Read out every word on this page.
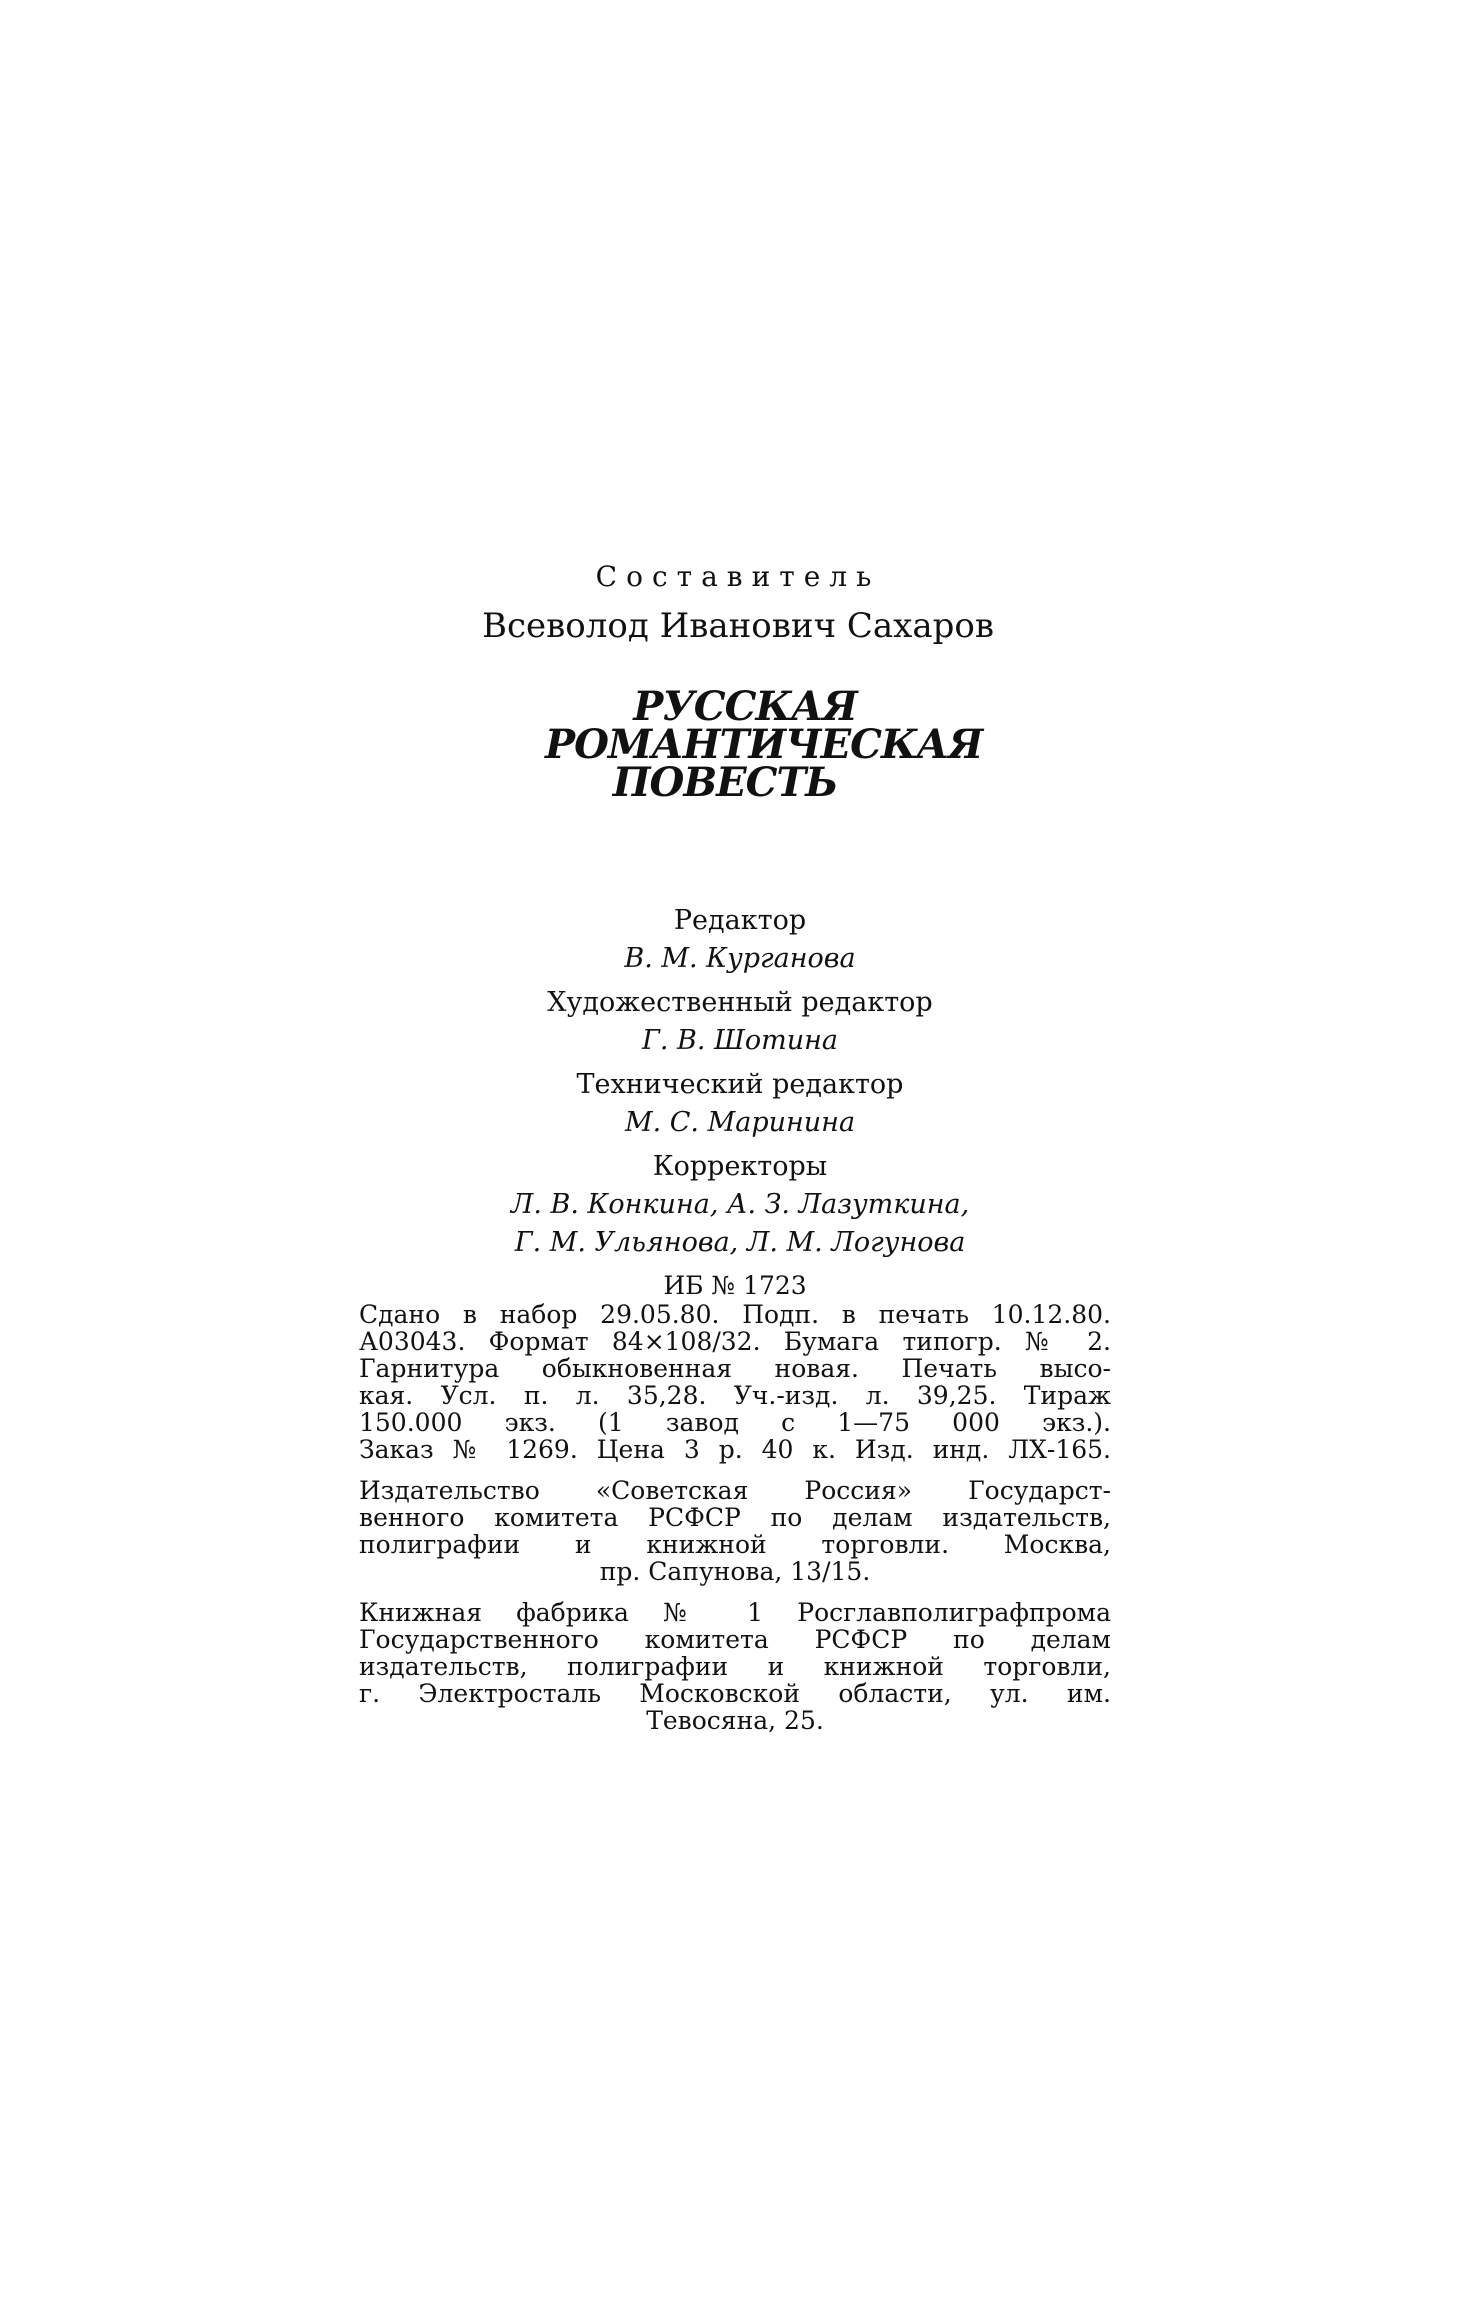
Составитель
Всеволод Иванович Сахаров
РУССКАЯ
РОМАНТИЧЕСКАЯ
ПОВЕСТЬ
Редактор
В. М. Курганова
Художественный редактор
Г. В. Шотина
Технический редактор
М. С. Маринина
Корректоры
Л. В. Конкина, А. З. Лазуткина,
Г. М. Ульянова, Л. М. Логунова
ИБ № 1723
Сдано в набор 29.05.80. Подп. в печать 10.12.80.
А03043. Формат 84×108/32. Бумага типогр. № 2.
Гарнитура обыкновенная новая. Печать высо-
кая. Усл. п. л. 35,28. Уч.-изд. л. 39,25. Тираж
150.000 экз. (1 завод с 1—75 000 экз.).
Заказ № 1269. Цена 3 р. 40 к. Изд. инд. ЛХ-165.
Издательство «Советская Россия» Государст-
венного комитета РСФСР по делам издательств,
полиграфии и книжной торговли. Москва,
пр. Сапунова, 13/15.
Книжная фабрика № 1 Росглавполиграфпрома
Государственного комитета РСФСР по делам
издательств, полиграфии и книжной торговли,
г. Электросталь Московской области, ул. им.
Тевосяна, 25.
